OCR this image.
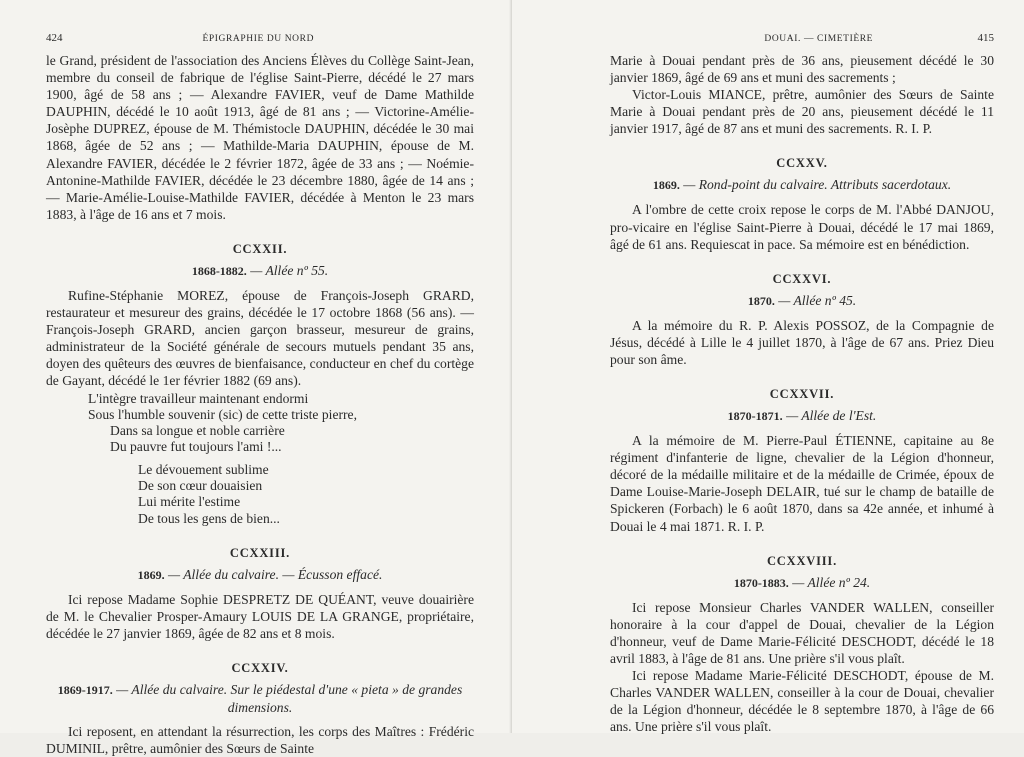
424	ÉPIGRAPHIE DU NORD

le Grand, président de l'association des Anciens Élèves du Collège Saint-Jean, membre du conseil de fabrique de l'église Saint-Pierre, décédé le 27 mars 1900, âgé de 58 ans ; — Alexandre FAVIER, veuf de Dame Mathilde DAUPHIN, décédé le 10 août 1913, âgé de 81 ans ; — Victorine-Amélie-Josèphe DUPREZ, épouse de M. Thémistocle DAUPHIN, décédée le 30 mai 1868, âgée de 52 ans ; — Mathilde-Maria DAUPHIN, épouse de M. Alexandre FAVIER, décédée le 2 février 1872, âgée de 33 ans ; — Noémie-Antonine-Mathilde FAVIER, décédée le 23 décembre 1880, âgée de 14 ans ; — Marie-Amélie-Louise-Mathilde FAVIER, décédée à Menton le 23 mars 1883, à l'âge de 16 ans et 7 mois.

CCXXII.
1868-1882. — Allée nº 55.

Rufine-Stéphanie MOREZ, épouse de François-Joseph GRARD, restaurateur et mesureur des grains, décédée le 17 octobre 1868 (56 ans). — François-Joseph GRARD, ancien garçon brasseur, mesureur de grains, administrateur de la Société générale de secours mutuels pendant 35 ans, doyen des quêteurs des œuvres de bienfaisance, conducteur en chef du cortège de Gayant, décédé le 1er février 1882 (69 ans).

L'intègre travailleur maintenant endormi
Sous l'humble souvenir (sic) de cette triste pierre,
Dans sa longue et noble carrière
Du pauvre fut toujours l'ami !...
Le dévouement sublime
De son cœur douaisien
Lui mérite l'estime
De tous les gens de bien...
CCXXIII.
1869. — Allée du calvaire. — Écusson effacé.

Ici repose Madame Sophie DESPRETZ DE QUÉANT, veuve douairière de M. le Chevalier Prosper-Amaury LOUIS DE LA GRANGE, propriétaire, décédée le 27 janvier 1869, âgée de 82 ans et 8 mois.

CCXXIV.
1869-1917. — Allée du calvaire. Sur le piédestal d'une « pieta » de grandes dimensions.

Ici reposent, en attendant la résurrection, les corps des Maîtres : Frédéric DUMINIL, prêtre, aumônier des Sœurs de Sainte

DOUAI. — CIMETIÈRE	415

Marie à Douai pendant près de 36 ans, pieusement décédé le 30 janvier 1869, âgé de 69 ans et muni des sacrements ;

Victor-Louis MIANCE, prêtre, aumônier des Sœurs de Sainte Marie à Douai pendant près de 20 ans, pieusement décédé le 11 janvier 1917, âgé de 87 ans et muni des sacrements. R. I. P.

CCXXV.
1869. — Rond-point du calvaire. Attributs sacerdotaux.

A l'ombre de cette croix repose le corps de M. l'Abbé DANJOU, pro-vicaire en l'église Saint-Pierre à Douai, décédé le 17 mai 1869, âgé de 61 ans. Requiescat in pace. Sa mémoire est en bénédiction.

CCXXVI.
1870. — Allée nº 45.

A la mémoire du R. P. Alexis POSSOZ, de la Compagnie de Jésus, décédé à Lille le 4 juillet 1870, à l'âge de 67 ans. Priez Dieu pour son âme.

CCXXVII.
1870-1871. — Allée de l'Est.

A la mémoire de M. Pierre-Paul ÉTIENNE, capitaine au 8e régiment d'infanterie de ligne, chevalier de la Légion d'honneur, décoré de la médaille militaire et de la médaille de Crimée, époux de Dame Louise-Marie-Joseph DELAIR, tué sur le champ de bataille de Spickeren (Forbach) le 6 août 1870, dans sa 42e année, et inhumé à Douai le 4 mai 1871. R. I. P.

CCXXVIII.
1870-1883. — Allée nº 24.

Ici repose Monsieur Charles VANDER WALLEN, conseiller honoraire à la cour d'appel de Douai, chevalier de la Légion d'honneur, veuf de Dame Marie-Félicité DESCHODT, décédé le 18 avril 1883, à l'âge de 81 ans. Une prière s'il vous plaît.

Ici repose Madame Marie-Félicité DESCHODT, épouse de M. Charles VANDER WALLEN, conseiller à la cour de Douai, chevalier de la Légion d'honneur, décédée le 8 septembre 1870, à l'âge de 66 ans. Une prière s'il vous plaît.
